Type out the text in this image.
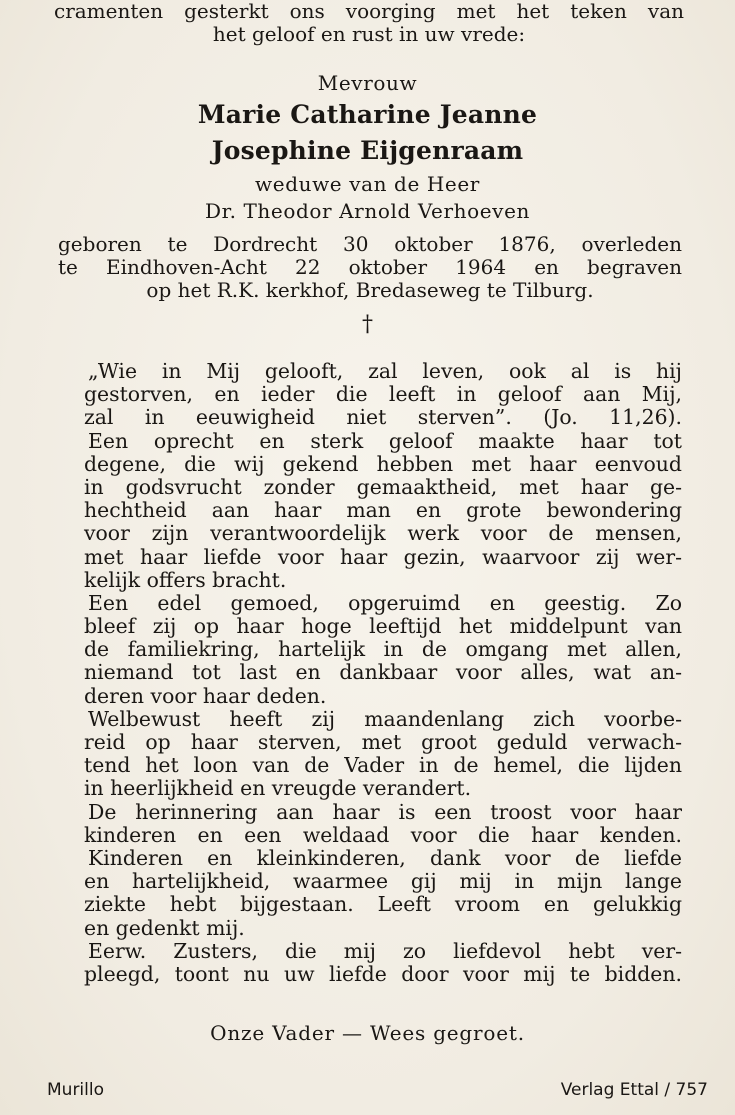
cramenten gesterkt ons voorging met het teken van
het geloof en rust in uw vrede:
Mevrouw
Marie Catharine Jeanne
Josephine Eijgenraam
weduwe van de Heer
Dr. Theodor Arnold Verhoeven
geboren te Dordrecht 30 oktober 1876, overleden
te Eindhoven-Acht 22 oktober 1964 en begraven
op het R.K. kerkhof, Bredaseweg te Tilburg.
†
„Wie in Mij gelooft, zal leven, ook al is hij
gestorven, en ieder die leeft in geloof aan Mij,
zal in eeuwigheid niet sterven”. (Jo. 11,26).
Een oprecht en sterk geloof maakte haar tot
degene, die wij gekend hebben met haar eenvoud
in godsvrucht zonder gemaaktheid, met haar ge-
hechtheid aan haar man en grote bewondering
voor zijn verantwoordelijk werk voor de mensen,
met haar liefde voor haar gezin, waarvoor zij wer-
kelijk offers bracht.
Een edel gemoed, opgeruimd en geestig. Zo
bleef zij op haar hoge leeftijd het middelpunt van
de familiekring, hartelijk in de omgang met allen,
niemand tot last en dankbaar voor alles, wat an-
deren voor haar deden.
Welbewust heeft zij maandenlang zich voorbe-
reid op haar sterven, met groot geduld verwach-
tend het loon van de Vader in de hemel, die lijden
in heerlijkheid en vreugde verandert.
De herinnering aan haar is een troost voor haar
kinderen en een weldaad voor die haar kenden.
Kinderen en kleinkinderen, dank voor de liefde
en hartelijkheid, waarmee gij mij in mijn lange
ziekte hebt bijgestaan. Leeft vroom en gelukkig
en gedenkt mij.
Eerw. Zusters, die mij zo liefdevol hebt ver-
pleegd, toont nu uw liefde door voor mij te bidden.
Onze Vader — Wees gegroet.
Murillo	Verlag Ettal / 757
